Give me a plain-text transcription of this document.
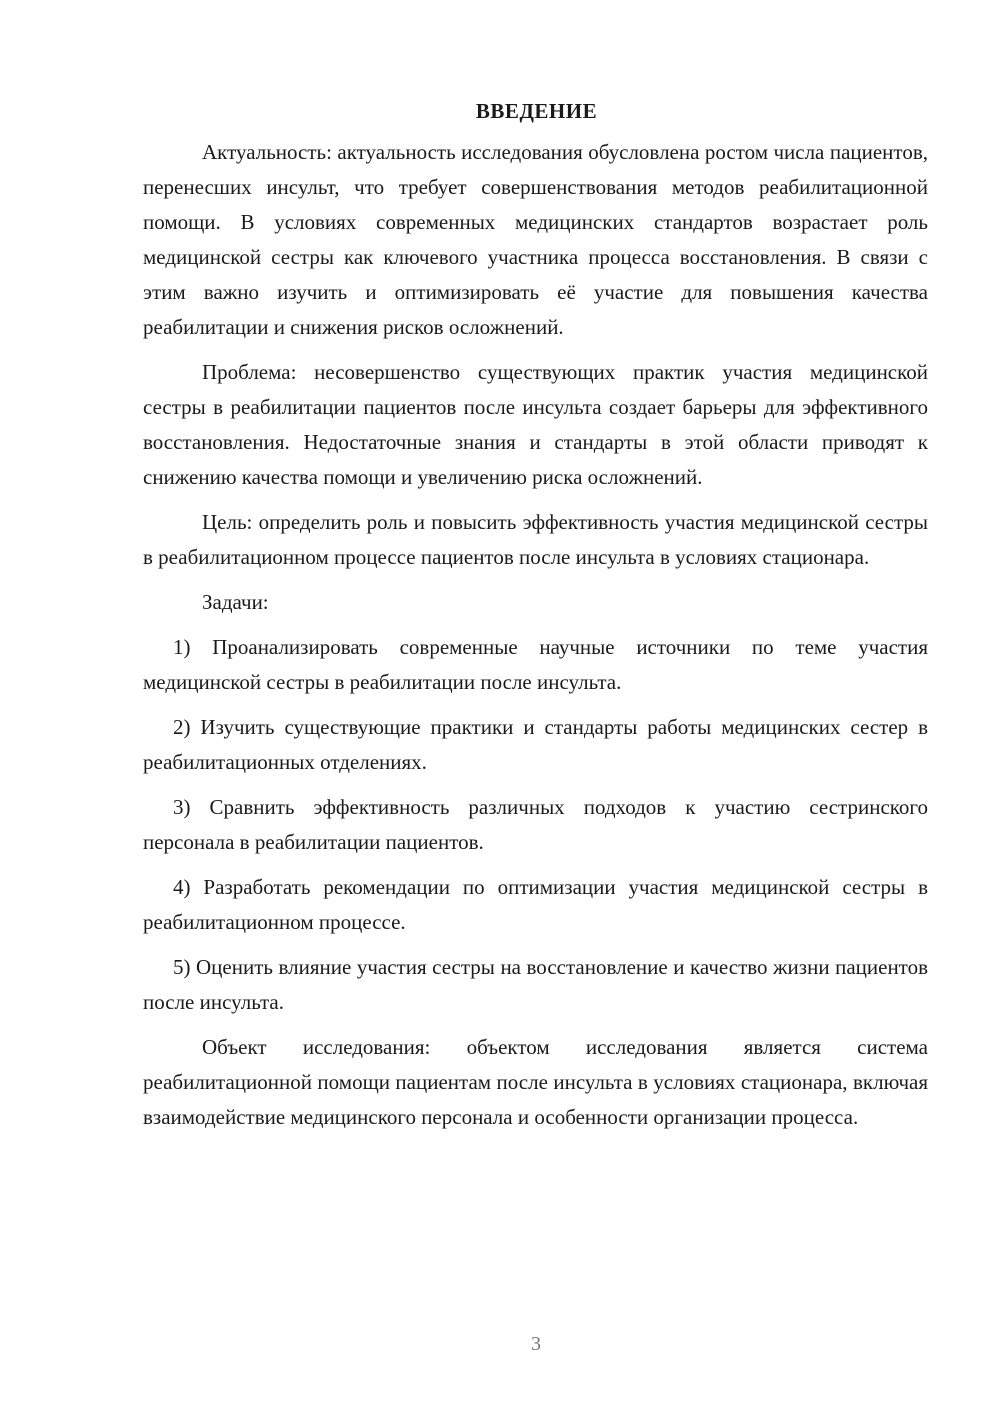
ВВЕДЕНИЕ

Актуальность: актуальность исследования обусловлена ростом числа пациентов, перенесших инсульт, что требует совершенствования методов реабилитационной помощи. В условиях современных медицинских стандартов возрастает роль медицинской сестры как ключевого участника процесса восстановления. В связи с этим важно изучить и оптимизировать её участие для повышения качества реабилитации и снижения рисков осложнений.

Проблема: несовершенство существующих практик участия медицинской сестры в реабилитации пациентов после инсульта создает барьеры для эффективного восстановления. Недостаточные знания и стандарты в этой области приводят к снижению качества помощи и увеличению риска осложнений.

Цель: определить роль и повысить эффективность участия медицинской сестры в реабилитационном процессе пациентов после инсульта в условиях стационара.

Задачи:

1) Проанализировать современные научные источники по теме участия медицинской сестры в реабилитации после инсульта.

2) Изучить существующие практики и стандарты работы медицинских сестер в реабилитационных отделениях.

3) Сравнить эффективность различных подходов к участию сестринского персонала в реабилитации пациентов.

4) Разработать рекомендации по оптимизации участия медицинской сестры в реабилитационном процессе.

5) Оценить влияние участия сестры на восстановление и качество жизни пациентов после инсульта.

Объект исследования: объектом исследования является система реабилитационной помощи пациентам после инсульта в условиях стационара, включая взаимодействие медицинского персонала и особенности организации процесса.

3
